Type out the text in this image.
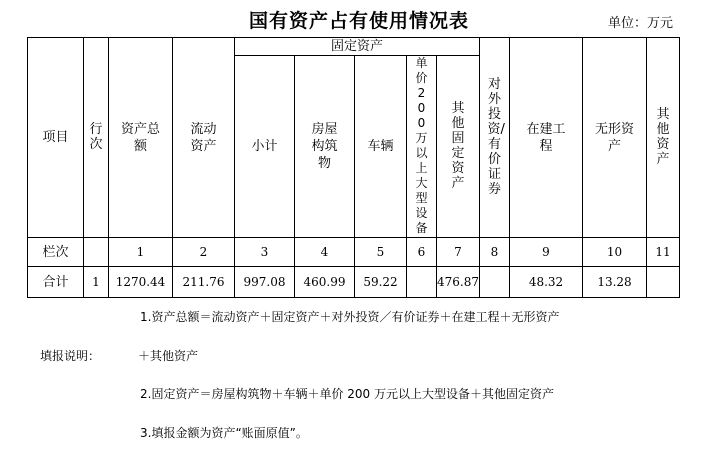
国有资产占有使用情况表	单位：万元
项目	行次	资产总额	流动资产	固定资产					对外投资/有价证券	在建工程	无形资产	其他资产
				小计	房屋构筑物	车辆	单价200万以上大型设备	其他固定资产				
栏次		1	2	3	4	5	6	7	8	9	10	11
合计	1	1270.44	211.76	997.08	460.99	59.22		476.87		48.32	13.28	
1.资产总额＝流动资产＋固定资产＋对外投资／有价证券＋在建工程＋无形资产
填报说明：	＋其他资产
2.固定资产＝房屋构筑物＋车辆＋单价 200 万元以上大型设备＋其他固定资产
3.填报金额为资产“账面原值”。
